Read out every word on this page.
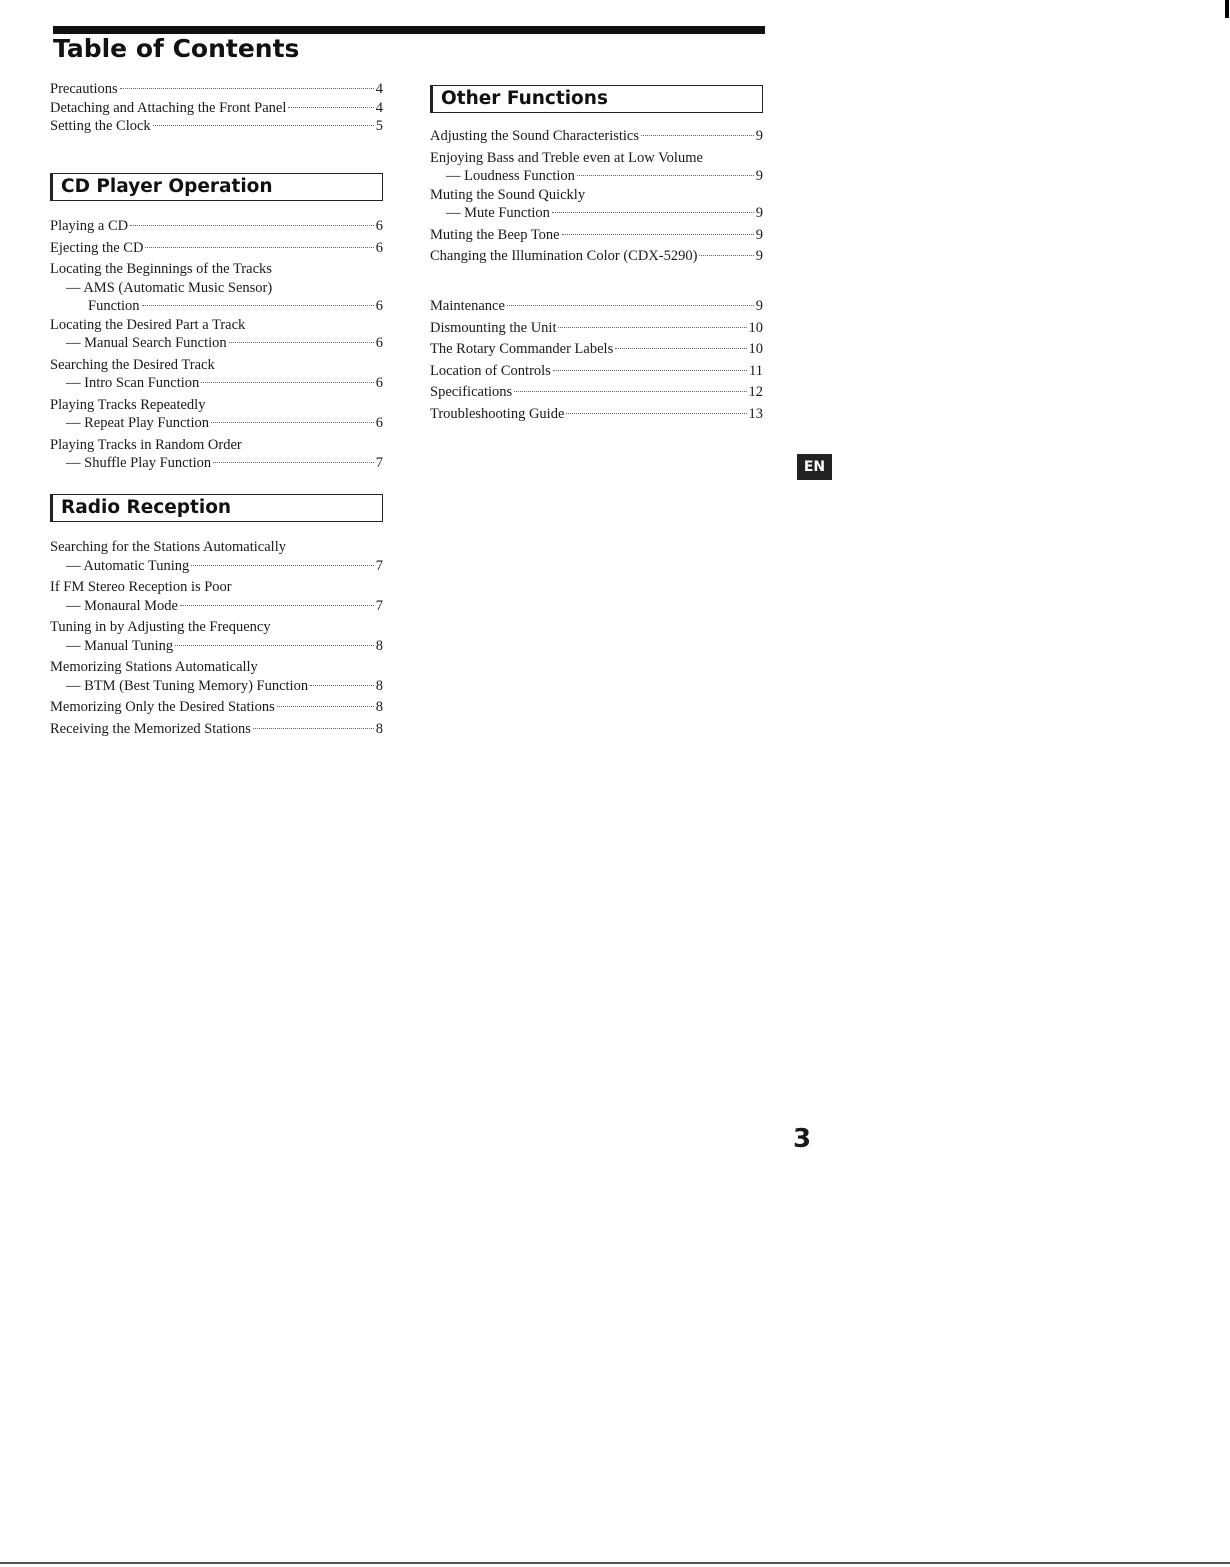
Table of Contents
Precautions	4
Detaching and Attaching the Front Panel	4
Setting the Clock	5
CD Player Operation
Playing a CD	6
Ejecting the CD	6
Locating the Beginnings of the Tracks
— AMS (Automatic Music Sensor)
Function	6
Locating the Desired Part a Track
— Manual Search Function	6
Searching the Desired Track
— Intro Scan Function	6
Playing Tracks Repeatedly
— Repeat Play Function	6
Playing Tracks in Random Order
— Shuffle Play Function	7
Radio Reception
Searching for the Stations Automatically
— Automatic Tuning	7
If FM Stereo Reception is Poor
— Monaural Mode	7
Tuning in by Adjusting the Frequency
— Manual Tuning	8
Memorizing Stations Automatically
— BTM (Best Tuning Memory) Function	8
Memorizing Only the Desired Stations	8
Receiving the Memorized Stations	8
Other Functions
Adjusting the Sound Characteristics	9
Enjoying Bass and Treble even at Low Volume
— Loudness Function	9
Muting the Sound Quickly
— Mute Function	9
Muting the Beep Tone	9
Changing the Illumination Color (CDX-5290)	9
Maintenance	9
Dismounting the Unit	10
The Rotary Commander Labels	10
Location of Controls	11
Specifications	12
Troubleshooting Guide	13
EN
3
